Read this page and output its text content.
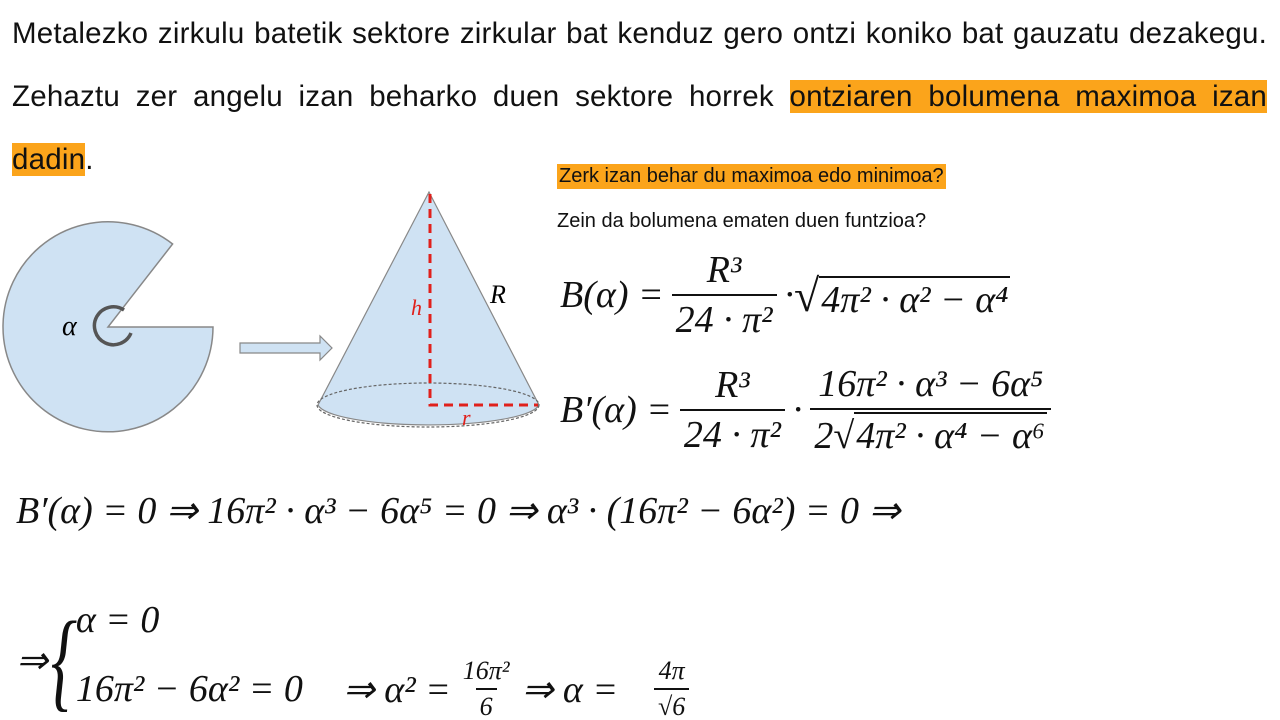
Metalezko zirkulu batetik sektore zirkular bat kenduz gero ontzi koniko bat gauzatu dezakegu. Zehaztu zer angelu izan beharko duen sektore horrek ontziaren bolumena maximoa izan dadin.
α
h
r
R
Zerk izan behar du maximoa edo minimoa?
Zein da bolumena ematen duen funtzioa?
$B(\alpha) = \frac{\text{R³}}{\text{24 · π²}}$ · √ 4π² · α² − α⁴
$B'(\alpha) = \frac{\text{R³}}{\text{24 · π²}} \cdot \frac{\text{16π² · α³ − 6α⁵}}{\text{2 √ 4π² · α⁴ − α⁶}}$
B′(α) = 0 ⇒ 16π² · α³ − 6α⁵ = 0 ⇒ α³ · (16π² − 6α²) = 0 ⇒
⇒ {
α = 0
16π² − 6α² = 0 ⇒ $\alpha^2 = \frac{\text{16π²}}{6}$ ⇒ $\alpha = \frac{4\pi}{√6}$
